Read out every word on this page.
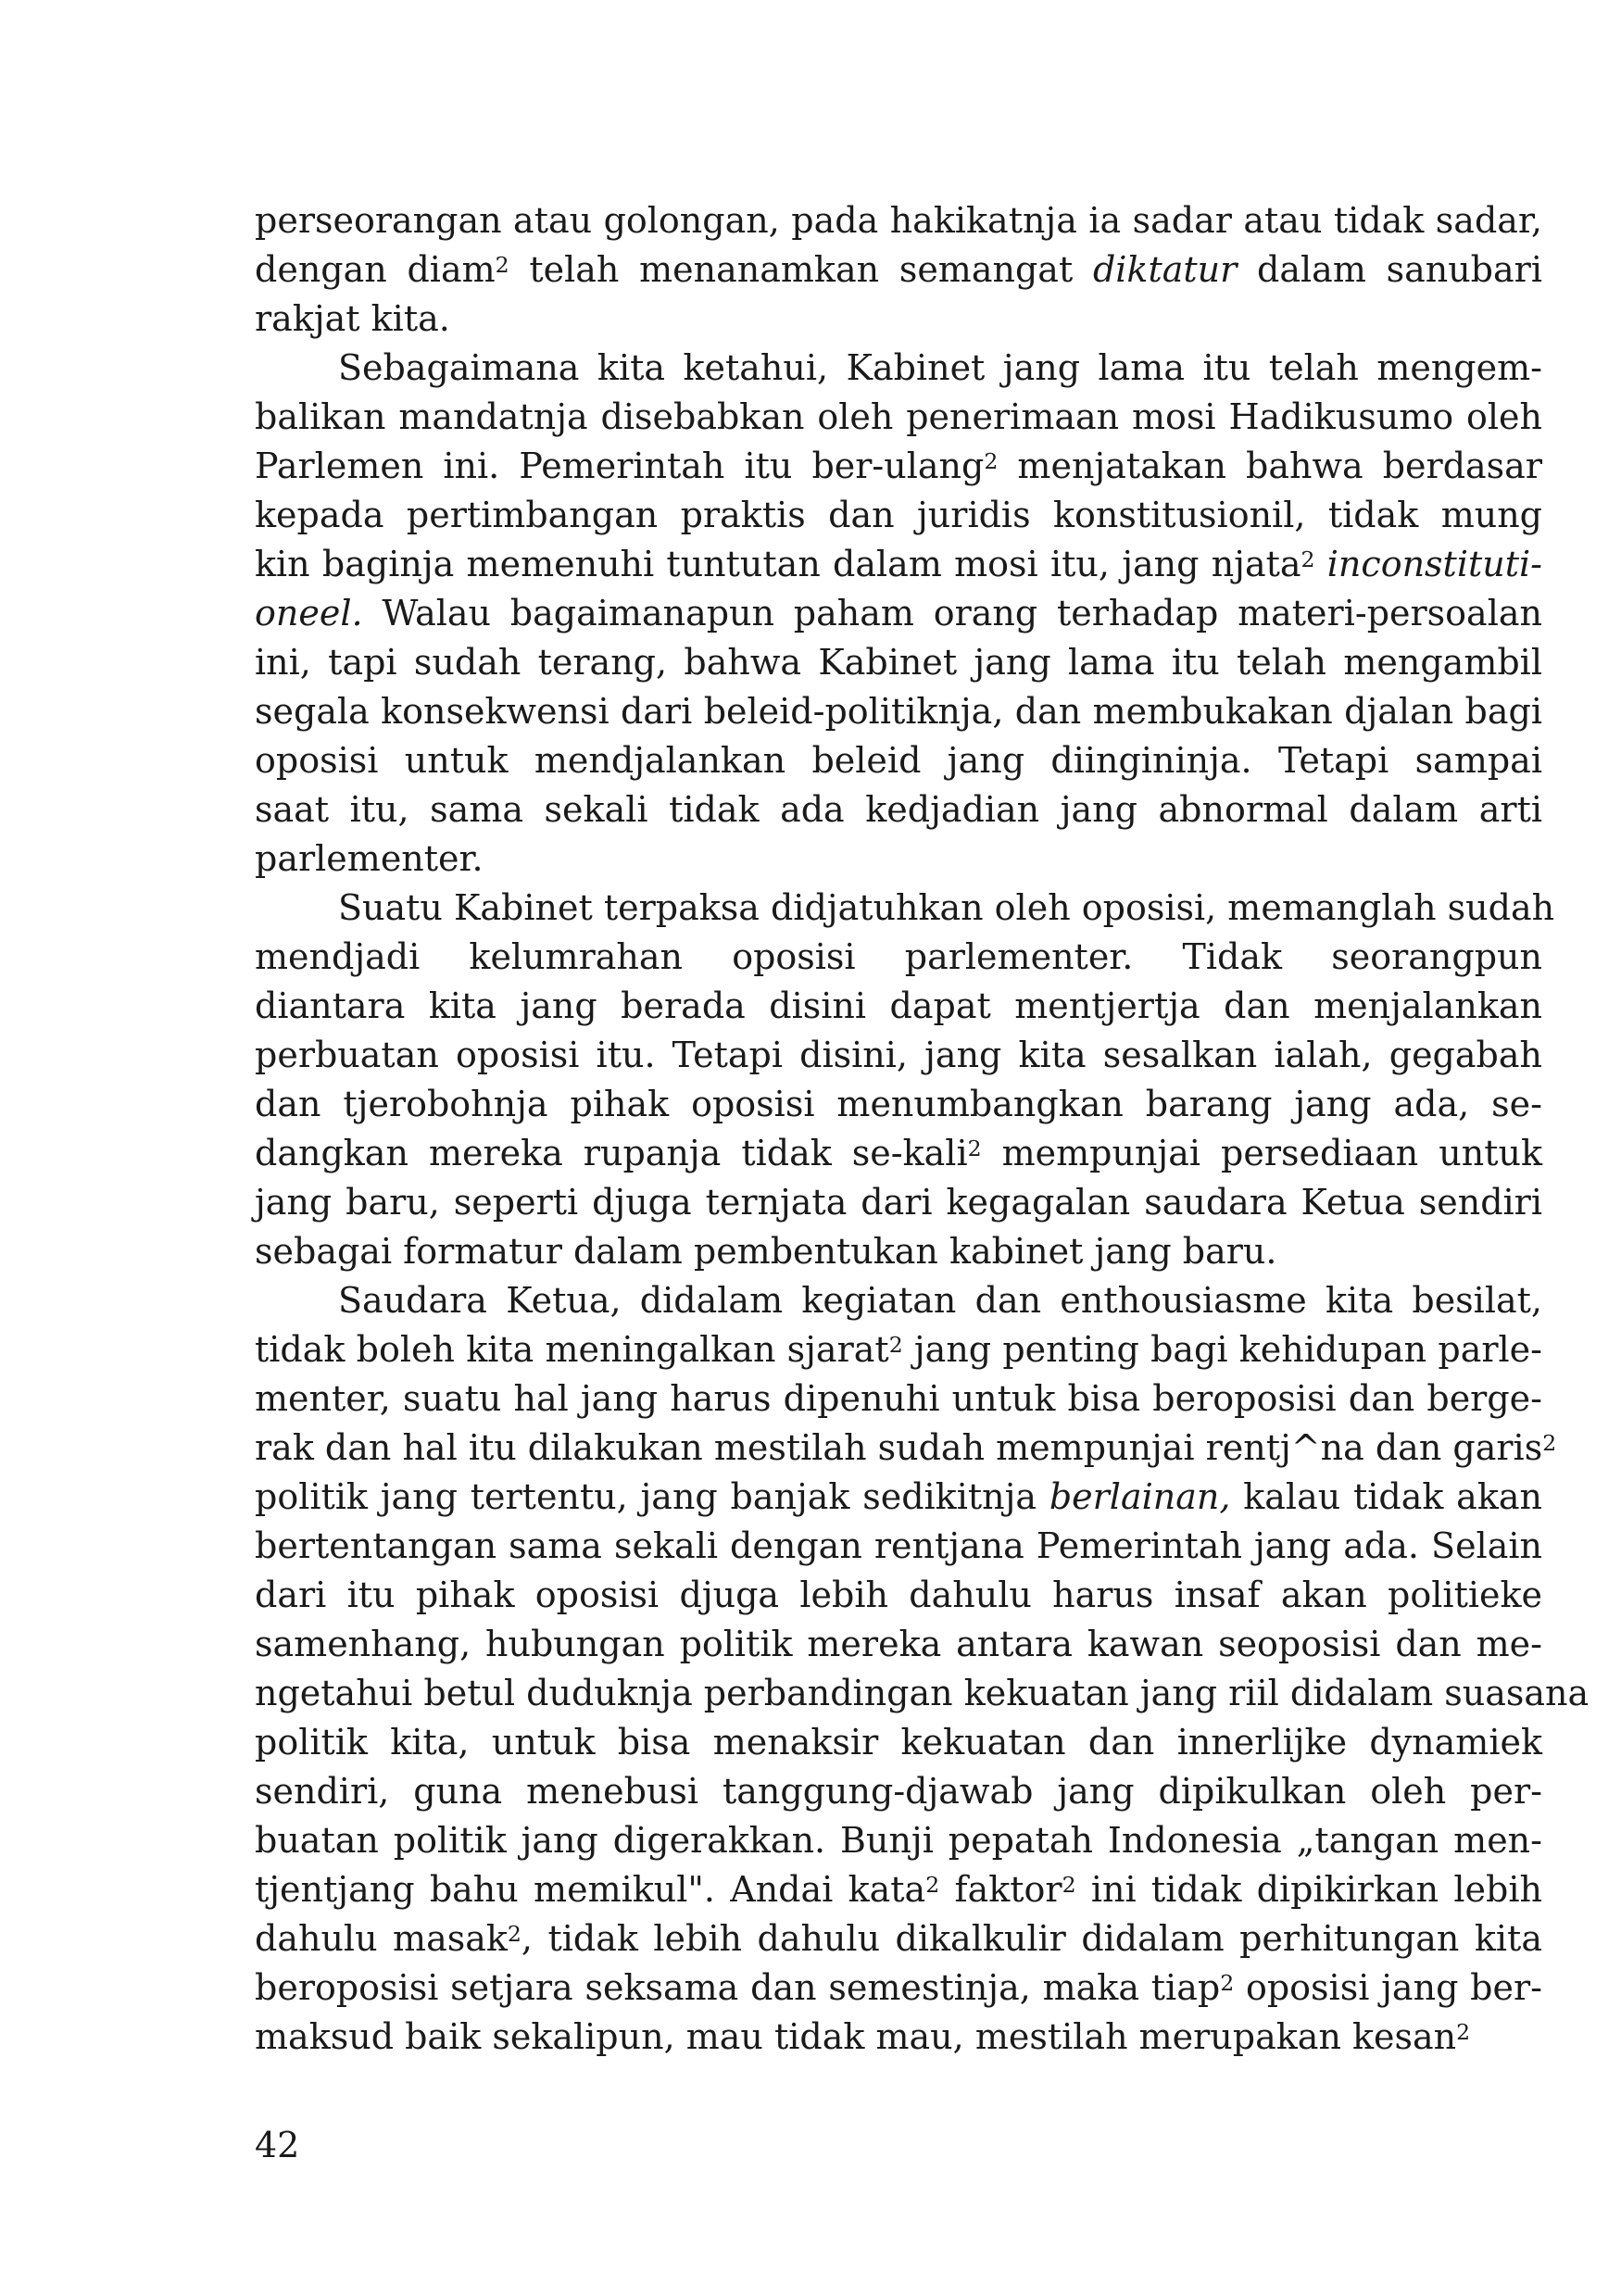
perseorangan atau golongan, pada hakikatnja ia sadar atau tidak sadar,
dengan diam$^2$ telah menanamkan semangat diktatur dalam sanubari
rakjat kita.
Sebagaimana kita ketahui, Kabinet jang lama itu telah mengem-
balikan mandatnja disebabkan oleh penerimaan mosi Hadikusumo oleh
Parlemen ini. Pemerintah itu ber-ulang$^2$ menjatakan bahwa berdasar
kepada pertimbangan praktis dan juridis konstitusionil, tidak mung
kin baginja memenuhi tuntutan dalam mosi itu, jang njata$^2$ inconstituti-
oneel. Walau bagaimanapun paham orang terhadap materi-persoalan
ini, tapi sudah terang, bahwa Kabinet jang lama itu telah mengambil
segala konsekwensi dari beleid-politiknja, dan membukakan djalan bagi
oposisi untuk mendjalankan beleid jang diingininja. Tetapi sampai
saat itu, sama sekali tidak ada kedjadian jang abnormal dalam arti
parlementer.
Suatu Kabinet terpaksa didjatuhkan oleh oposisi, memanglah sudah
mendjadi kelumrahan oposisi parlementer. Tidak seorangpun
diantara kita jang berada disini dapat mentjertja dan menjalankan
perbuatan oposisi itu. Tetapi disini, jang kita sesalkan ialah, gegabah
dan tjerobohnja pihak oposisi menumbangkan barang jang ada, se-
dangkan mereka rupanja tidak se-kali$^2$ mempunjai persediaan untuk
jang baru, seperti djuga ternjata dari kegagalan saudara Ketua sendiri
sebagai formatur dalam pembentukan kabinet jang baru.
Saudara Ketua, didalam kegiatan dan enthousiasme kita besilat,
tidak boleh kita meningalkan sjarat$^2$ jang penting bagi kehidupan parle-
menter, suatu hal jang harus dipenuhi untuk bisa beroposisi dan berge-
rak dan hal itu dilakukan mestilah sudah mempunjai rentj^na dan garis$^2$
politik jang tertentu, jang banjak sedikitnja berlainan, kalau tidak akan
bertentangan sama sekali dengan rentjana Pemerintah jang ada. Selain
dari itu pihak oposisi djuga lebih dahulu harus insaf akan politieke
samenhang, hubungan politik mereka antara kawan seoposisi dan me-
ngetahui betul duduknja perbandingan kekuatan jang riil didalam suasana
politik kita, untuk bisa menaksir kekuatan dan innerlijke dynamiek
sendiri, guna menebusi tanggung-djawab jang dipikulkan oleh per-
buatan politik jang digerakkan. Bunji pepatah Indonesia „tangan men-
tjentjang bahu memikul". Andai kata$^2$ faktor$^2$ ini tidak dipikirkan lebih
dahulu masak$^2$, tidak lebih dahulu dikalkulir didalam perhitungan kita
beroposisi setjara seksama dan semestinja, maka tiap$^2$ oposisi jang ber-
maksud baik sekalipun, mau tidak mau, mestilah merupakan kesan$^2$
42
